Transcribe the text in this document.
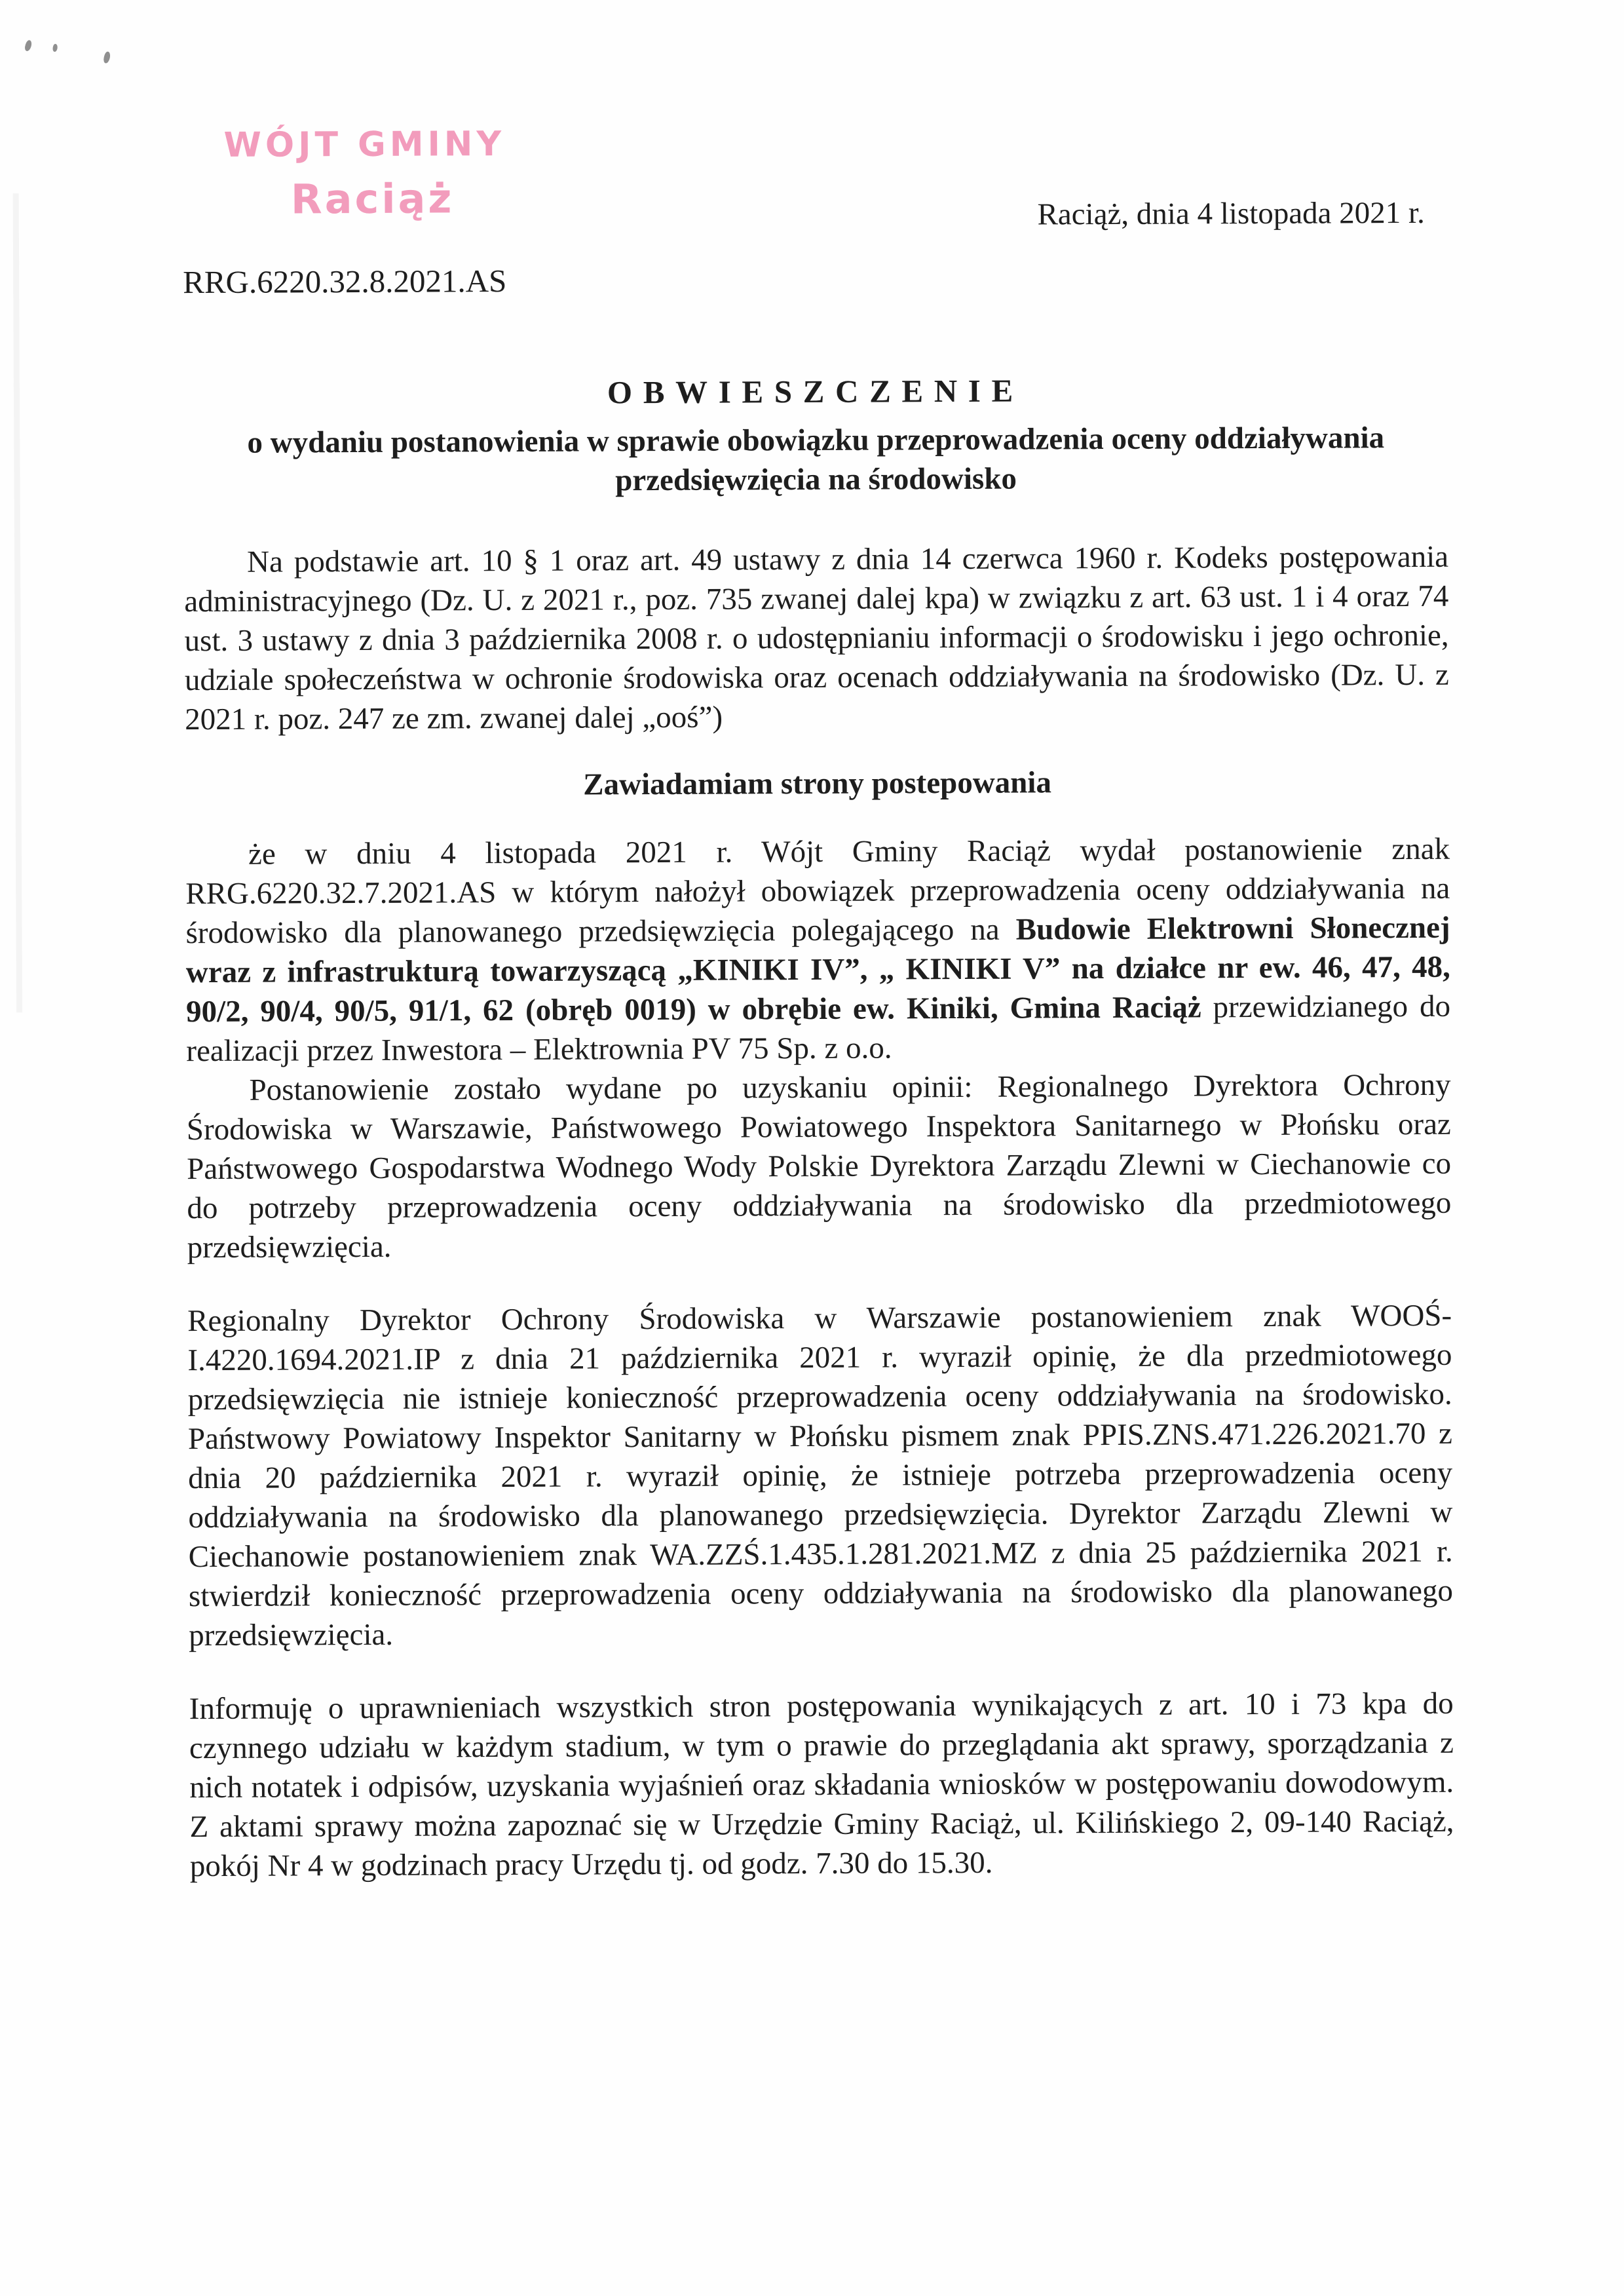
WÓJT GMINY
Raciąż	Raciąż, dnia 4 listopada 2021 r.
RRG.6220.32.8.2021.AS
OBWIESZCZENIE
o wydaniu postanowienia w sprawie obowiązku przeprowadzenia oceny oddziaływania przedsięwzięcia na środowisko

Na podstawie art. 10 § 1 oraz art. 49 ustawy z dnia 14 czerwca 1960 r. Kodeks postępowania administracyjnego (Dz. U. z 2021 r., poz. 735 zwanej dalej kpa) w związku z art. 63 ust. 1 i 4 oraz 74 ust. 3 ustawy z dnia 3 października 2008 r. o udostępnianiu informacji o środowisku i jego ochronie, udziale społeczeństwa w ochronie środowiska oraz ocenach oddziaływania na środowisko (Dz. U. z 2021 r. poz. 247 ze zm. zwanej dalej „ooś”)

Zawiadamiam strony postepowania

że w dniu 4 listopada 2021 r. Wójt Gminy Raciąż wydał postanowienie znak RRG.6220.32.7.2021.AS w którym nałożył obowiązek przeprowadzenia oceny oddziaływania na środowisko dla planowanego przedsięwzięcia polegającego na Budowie Elektrowni Słonecznej wraz z infrastrukturą towarzyszącą „KINIKI IV”, „ KINIKI V” na działce nr ew. 46, 47, 48, 90/2, 90/4, 90/5, 91/1, 62 (obręb 0019) w obrębie ew. Kiniki, Gmina Raciąż przewidzianego do realizacji przez Inwestora – Elektrownia PV 75 Sp. z o.o.

Postanowienie zostało wydane po uzyskaniu opinii: Regionalnego Dyrektora Ochrony Środowiska w Warszawie, Państwowego Powiatowego Inspektora Sanitarnego w Płońsku oraz Państwowego Gospodarstwa Wodnego Wody Polskie Dyrektora Zarządu Zlewni w Ciechanowie co do potrzeby przeprowadzenia oceny oddziaływania na środowisko dla przedmiotowego przedsięwzięcia.

Regionalny Dyrektor Ochrony Środowiska w Warszawie postanowieniem znak WOOŚ-I.4220.1694.2021.IP z dnia 21 października 2021 r. wyraził opinię, że dla przedmiotowego przedsięwzięcia nie istnieje konieczność przeprowadzenia oceny oddziaływania na środowisko. Państwowy Powiatowy Inspektor Sanitarny w Płońsku pismem znak PPIS.ZNS.471.226.2021.70 z dnia 20 października 2021 r. wyraził opinię, że istnieje potrzeba przeprowadzenia oceny oddziaływania na środowisko dla planowanego przedsięwzięcia. Dyrektor Zarządu Zlewni w Ciechanowie postanowieniem znak WA.ZZŚ.1.435.1.281.2021.MZ z dnia 25 października 2021 r. stwierdził konieczność przeprowadzenia oceny oddziaływania na środowisko dla planowanego przedsięwzięcia.

Informuję o uprawnieniach wszystkich stron postępowania wynikających z art. 10 i 73 kpa do czynnego udziału w każdym stadium, w tym o prawie do przeglądania akt sprawy, sporządzania z nich notatek i odpisów, uzyskania wyjaśnień oraz składania wniosków w postępowaniu dowodowym. Z aktami sprawy można zapoznać się w Urzędzie Gminy Raciąż, ul. Kilińskiego 2, 09-140 Raciąż, pokój Nr 4 w godzinach pracy Urzędu tj. od godz. 7.30 do 15.30.
